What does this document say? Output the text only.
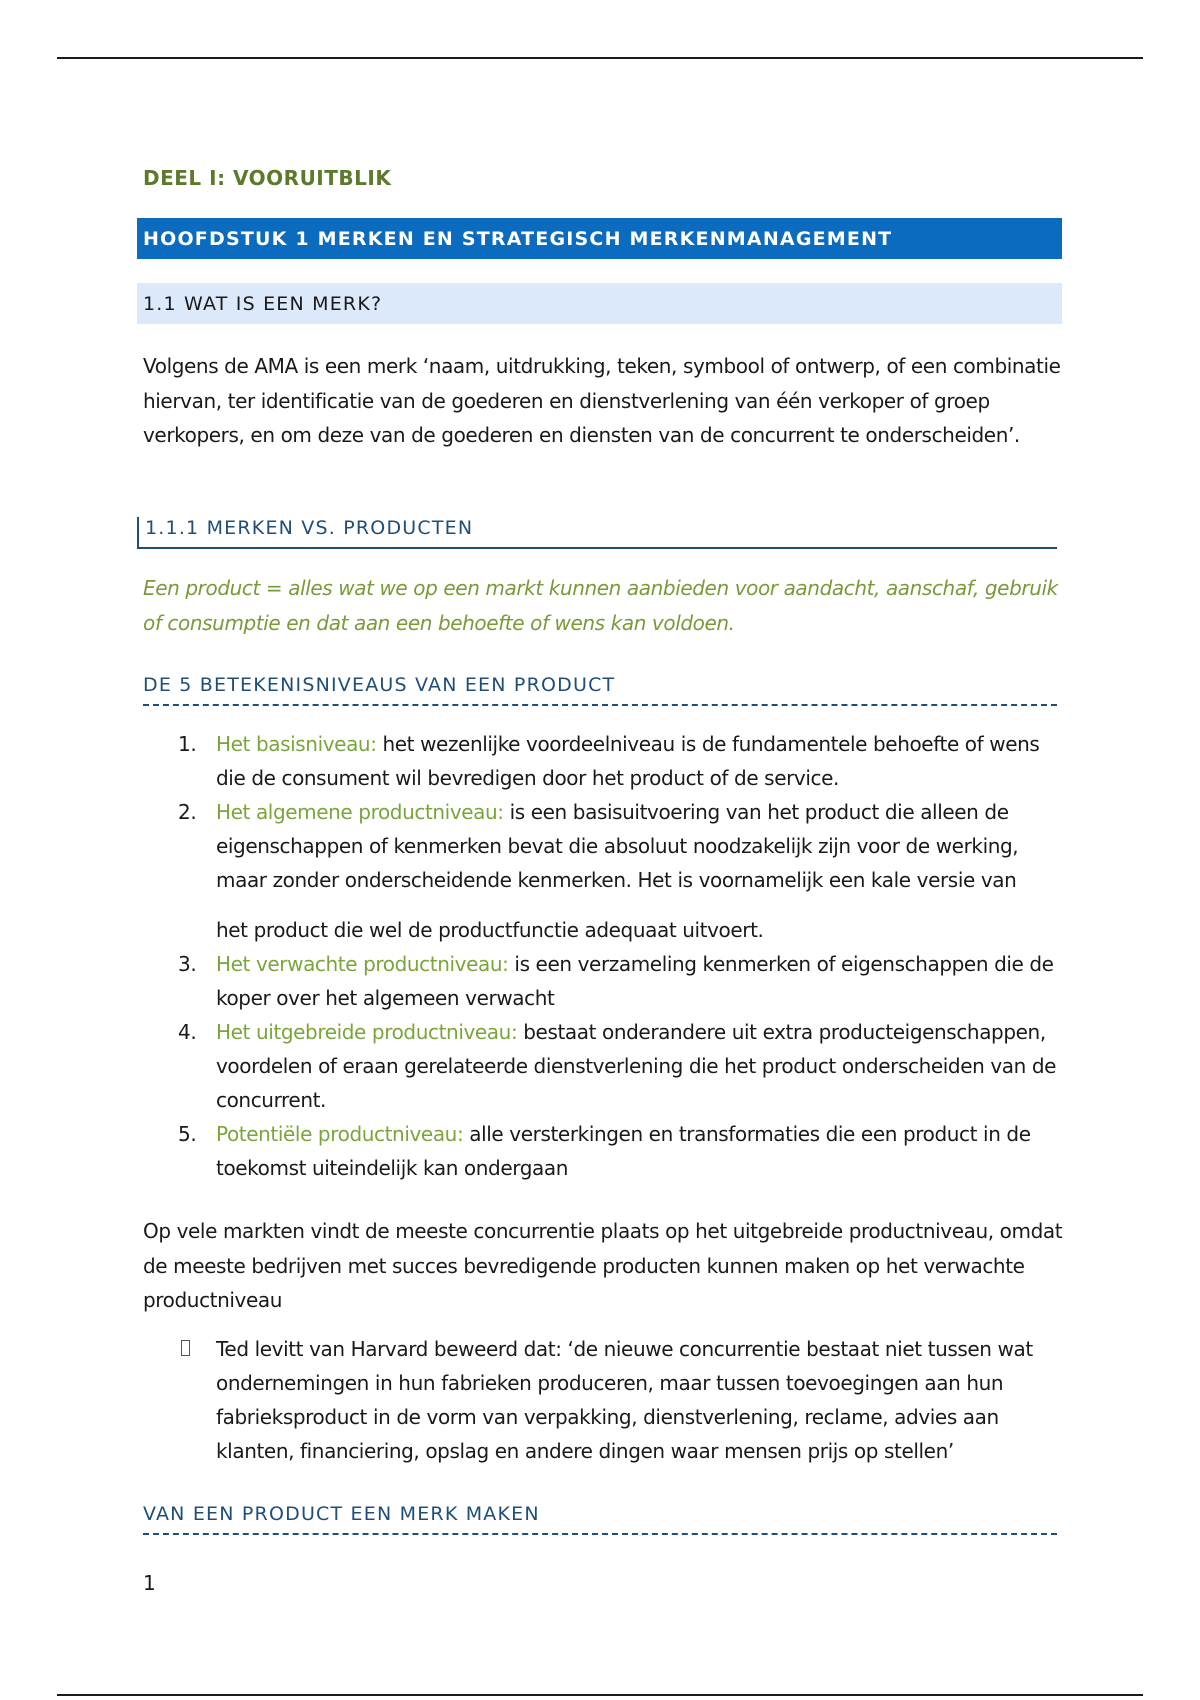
DEEL I: VOORUITBLIK
HOOFDSTUK 1 MERKEN EN STRATEGISCH MERKENMANAGEMENT
1.1 WAT IS EEN MERK?
Volgens de AMA is een merk ‘naam, uitdrukking, teken, symbool of ontwerp, of een combinatie hiervan, ter identificatie van de goederen en dienstverlening van één verkoper of groep verkopers, en om deze van de goederen en diensten van de concurrent te onderscheiden’.
1.1.1 MERKEN VS. PRODUCTEN
Een product = alles wat we op een markt kunnen aanbieden voor aandacht, aanschaf, gebruik of consumptie en dat aan een behoefte of wens kan voldoen.
DE 5 BETEKENISNIVEAUS VAN EEN PRODUCT
1. Het basisniveau: het wezenlijke voordeelniveau is de fundamentele behoefte of wens die de consument wil bevredigen door het product of de service.
2. Het algemene productniveau: is een basisuitvoering van het product die alleen de eigenschappen of kenmerken bevat die absoluut noodzakelijk zijn voor de werking, maar zonder onderscheidende kenmerken. Het is voornamelijk een kale versie van
het product die wel de productfunctie adequaat uitvoert.
3. Het verwachte productniveau: is een verzameling kenmerken of eigenschappen die de koper over het algemeen verwacht
4. Het uitgebreide productniveau: bestaat onderandere uit extra producteigenschappen, voordelen of eraan gerelateerde dienstverlening die het product onderscheiden van de concurrent.
5. Potentiële productniveau: alle versterkingen en transformaties die een product in de toekomst uiteindelijk kan ondergaan
Op vele markten vindt de meeste concurrentie plaats op het uitgebreide productniveau, omdat de meeste bedrijven met succes bevredigende producten kunnen maken op het verwachte productniveau
Ted levitt van Harvard beweerd dat: ‘de nieuwe concurrentie bestaat niet tussen wat ondernemingen in hun fabrieken produceren, maar tussen toevoegingen aan hun fabrieksproduct in de vorm van verpakking, dienstverlening, reclame, advies aan klanten, financiering, opslag en andere dingen waar mensen prijs op stellen’
VAN EEN PRODUCT EEN MERK MAKEN
1
